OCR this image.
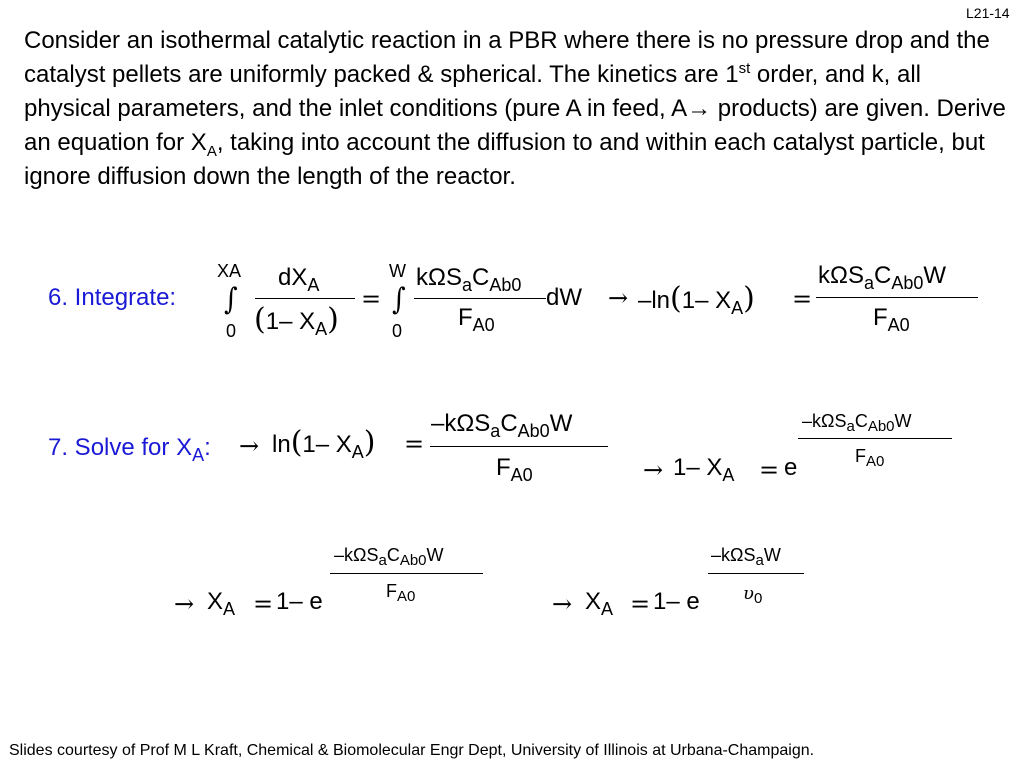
L21-14
Consider an isothermal catalytic reaction in a PBR where there is no pressure drop and the catalyst pellets are uniformly packed & spherical. The kinetics are 1st order, and k, all physical parameters, and the inlet conditions (pure A in feed, A→ products) are given. Derive an equation for $X_A$, taking into account the diffusion to and within each catalyst particle, but ignore diffusion down the length of the reactor.
6. Integrate:
XA
∫
0
$dX_A$
(1– $X_A$)
=
W
∫
0
$k\Omega S_aC_{Ab0}$
$F_{A0}$
dW → –ln(1– $X_A$) =
$k\Omega S_aC_{Ab0}W$
$F_{A0}$
7. Solve for $X_A$: → ln(1– $X_A$) =
$-k\Omega S_aC_{Ab0}W$
$F_{A0}$	→ 1– $X_A = e$
$-k\Omega S_aC_{Ab0}W$
$F_{A0}$
→ $X_A = 1-$ e
$-k\Omega S_aC_{Ab0}W$
$F_{A0}$	→ $X_A = 1-$ e
–kΩS$_a$W
$\upsilon_0$
Slides courtesy of Prof M L Kraft, Chemical & Biomolecular Engr Dept, University of Illinois at Urbana-Champaign.
